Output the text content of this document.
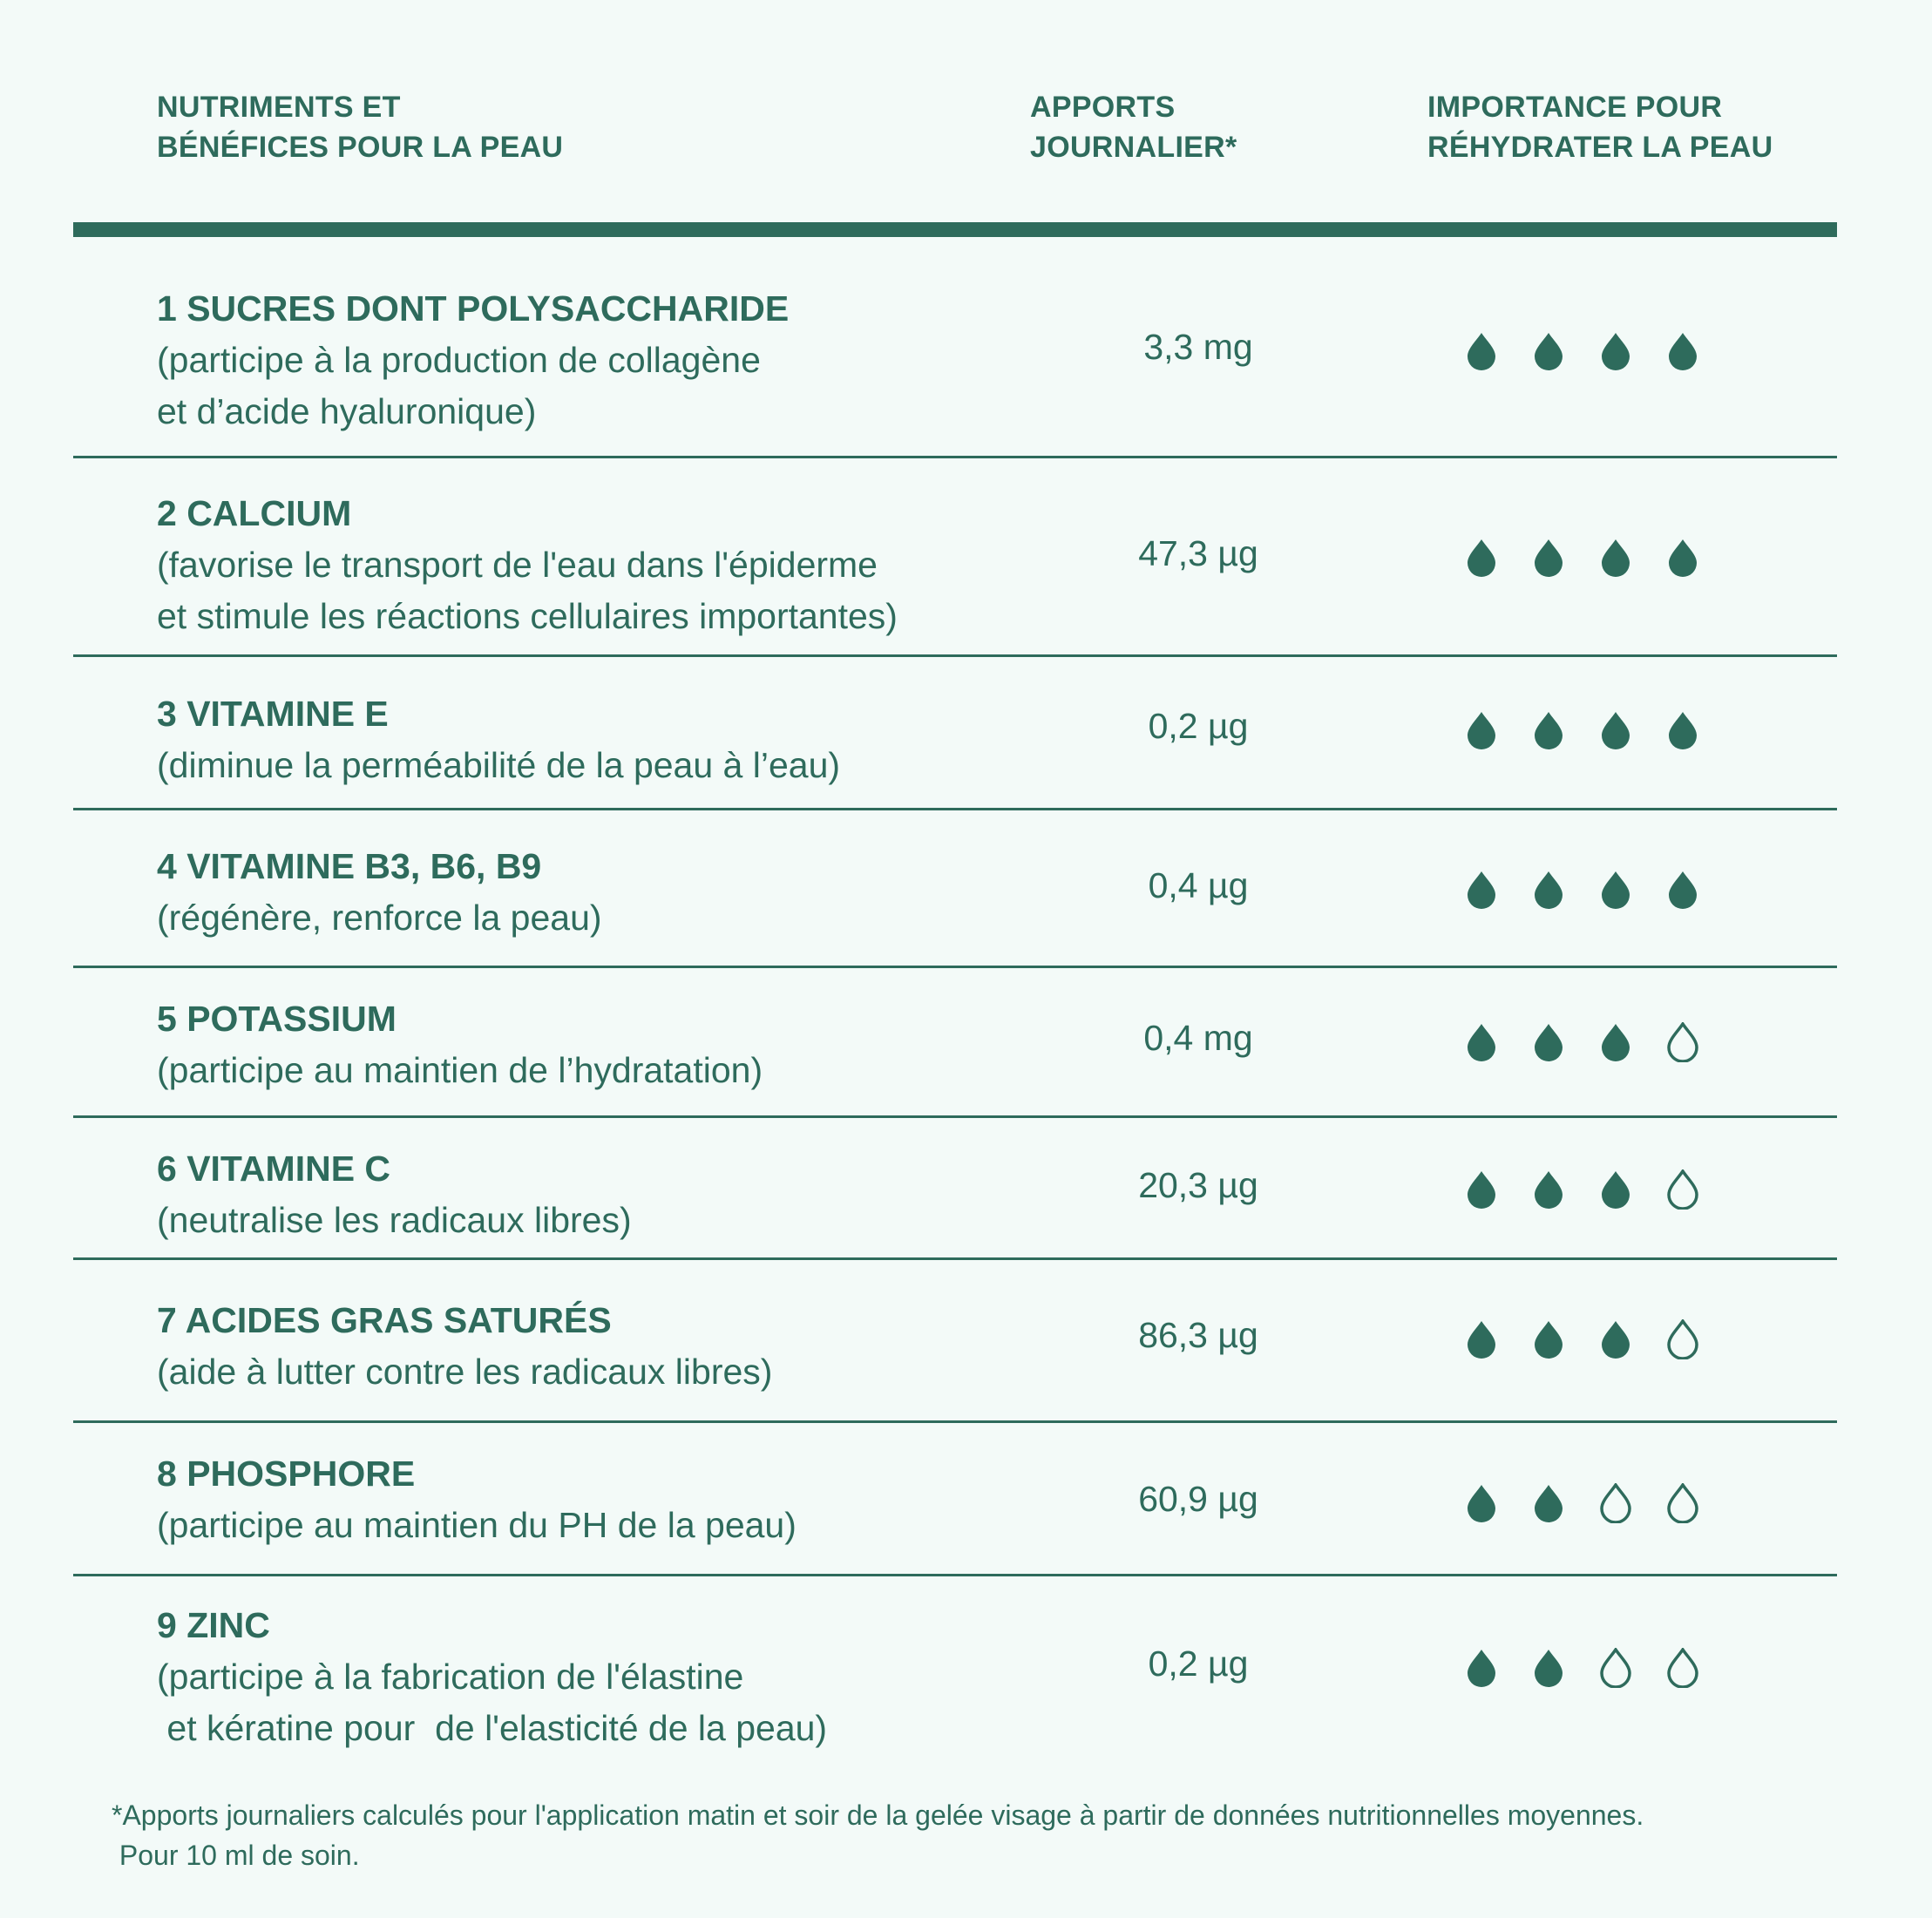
NUTRIMENTS ET
BÉNÉFICES POUR LA PEAU
APPORTS
JOURNALIER*
IMPORTANCE POUR
RÉHYDRATER LA PEAU
1 SUCRES DONT POLYSACCHARIDE
(participe à la production de collagène
et d’acide hyaluronique)
3,3 mg
2 CALCIUM
(favorise le transport de l'eau dans l'épiderme
et stimule les réactions cellulaires importantes)
47,3 µg
3 VITAMINE E
(diminue la perméabilité de la peau à l’eau)
0,2 µg
4 VITAMINE B3, B6, B9
(régénère, renforce la peau)
0,4 µg
5 POTASSIUM
(participe au maintien de l’hydratation)
0,4 mg
6 VITAMINE C
(neutralise les radicaux libres)
20,3 µg
7 ACIDES GRAS SATURÉS
(aide à lutter contre les radicaux libres)
86,3 µg
8 PHOSPHORE
(participe au maintien du PH de la peau)
60,9 µg
9 ZINC
(participe à la fabrication de l'élastine
et kératine pour  de l'elasticité de la peau)
0,2 µg
*Apports journaliers calculés pour l'application matin et soir de la gelée visage à partir de données nutritionnelles moyennes.
Pour 10 ml de soin.
